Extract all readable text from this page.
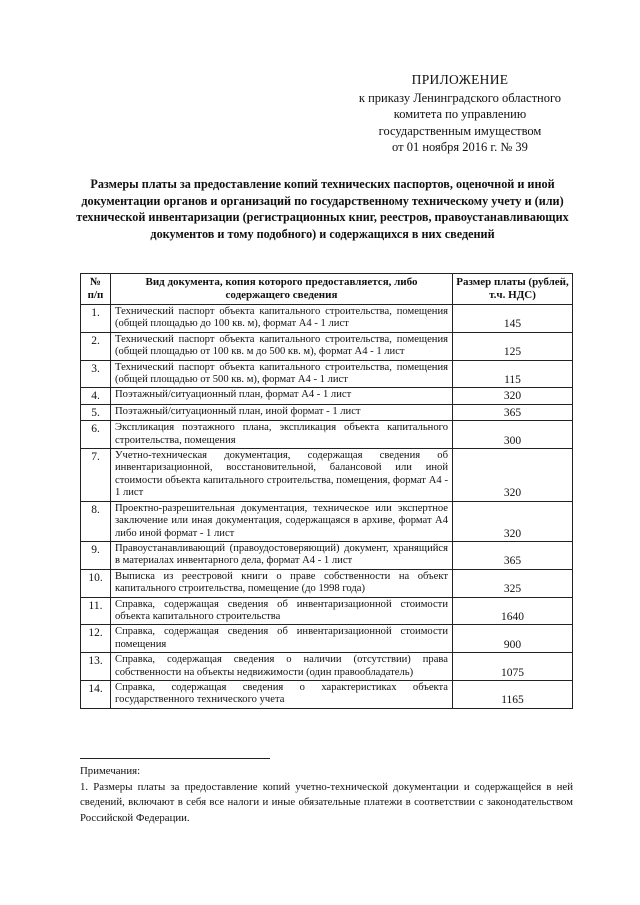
ПРИЛОЖЕНИЕ
к приказу Ленинградского областного
комитета по управлению
государственным имуществом
от 01 ноября 2016 г. № 39
Размеры платы за предоставление копий технических паспортов, оценочной и иной документации органов и организаций по государственному техническому учету и (или) технической инвентаризации (регистрационных книг, реестров, правоустанавливающих документов и тому подобного) и содержащихся в них сведений
№ п/п	Вид документа, копия которого предоставляется, либо содержащего сведения	Размер платы (рублей, т.ч. НДС)
1.	Технический паспорт объекта капитального строительства, помещения (общей площадью до 100 кв. м), формат А4 - 1 лист	145
2.	Технический паспорт объекта капитального строительства, помещения (общей площадью от 100 кв. м до 500 кв. м), формат А4 - 1 лист	125
3.	Технический паспорт объекта капитального строительства, помещения (общей площадью от 500 кв. м), формат А4 - 1 лист	115
4.	Поэтажный/ситуационный план, формат А4 - 1 лист	320
5.	Поэтажный/ситуационный план, иной формат - 1 лист	365
6.	Экспликация поэтажного плана, экспликация объекта капитального строительства, помещения	300
7.	Учетно-техническая документация, содержащая сведения об инвентаризационной, восстановительной, балансовой или иной стоимости объекта капитального строительства, помещения, формат А4 - 1 лист	320
8.	Проектно-разрешительная документация, техническое или экспертное заключение или иная документация, содержащаяся в архиве, формат А4 либо иной формат - 1 лист	320
9.	Правоустанавливающий (правоудостоверяющий) документ, хранящийся в материалах инвентарного дела, формат А4 - 1 лист	365
10.	Выписка из реестровой книги о праве собственности на объект капитального строительства, помещение (до 1998 года)	325
11.	Справка, содержащая сведения об инвентаризационной стоимости объекта капитального строительства	1640
12.	Справка, содержащая сведения об инвентаризационной стоимости помещения	900
13.	Справка, содержащая сведения о наличии (отсутствии) права собственности на объекты недвижимости (один правообладатель)	1075
14.	Справка, содержащая сведения о характеристиках объекта государственного технического учета	1165
Примечания:
1. Размеры платы за предоставление копий учетно-технической документации и содержащейся в ней сведений, включают в себя все налоги и иные обязательные платежи в соответствии с законодательством Российской Федерации.
